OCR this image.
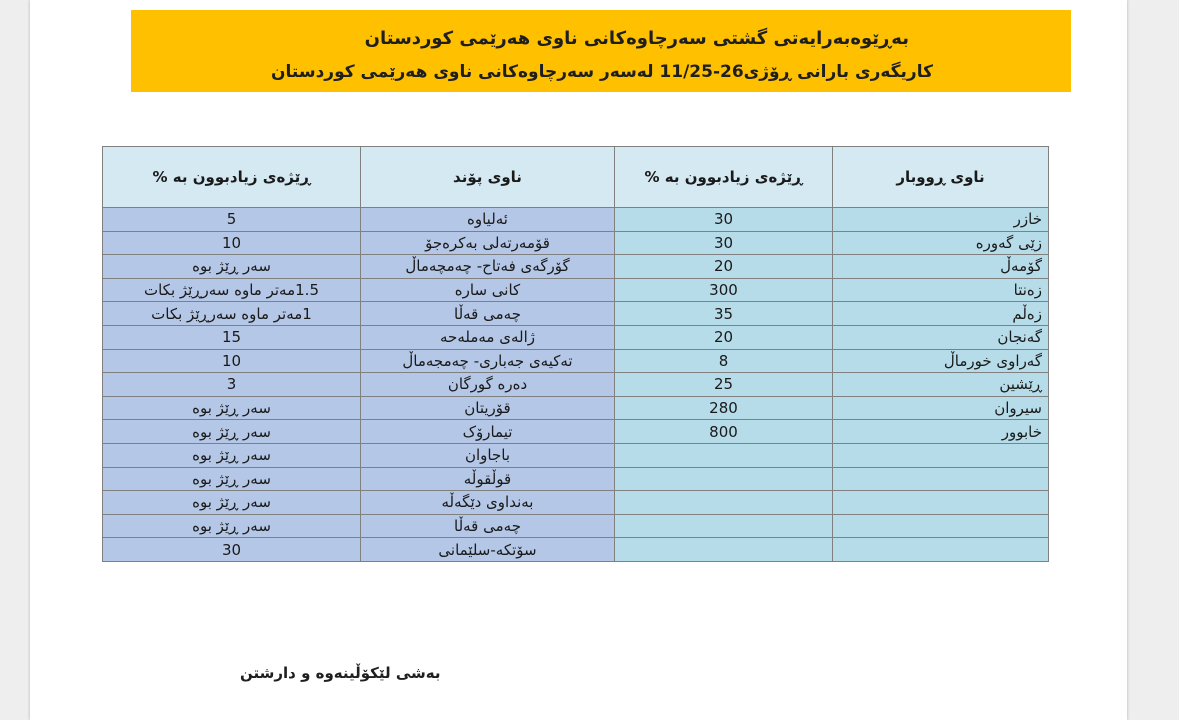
بەڕێوەبەرایەتی گشتی سەرچاوەکانی ناوی هەرێمی کوردستان
کاریگەری بارانی ڕۆژی26-11/25 لەسەر سەرچاوەکانی ناوی هەرێمی کوردستان
ناوی ڕووبار	ڕێژەی زیادبوون بە %	ناوی پۆند	ڕێژەی زیادبوون بە %
خازر	30	ئەلیاوە	5
زێی گەورە	30	قۆمەرتەلی بەکرەجۆ	10
گۆمەڵ	20	گۆرگەی فەتاح- چەمچەماڵ	سەر ڕێژ بوە
زەنتا	300	کانی سارە	1.5مەتر ماوە سەرڕێژ بکات
زەڵم	35	چەمی قەڵا	1مەتر ماوە سەرڕێژ بکات
گەنجان	20	ژالەی مەملەحە	15
گەراوی خورماڵ	8	تەکیەی جەباری- چەمجەماڵ	10
ڕێشین	25	دەرە گورگان	3
سیروان	280	قۆریتان	سەر ڕێژ بوە
خابوور	800	تیمارۆک	سەر ڕێژ بوە
		باجاوان	سەر ڕێژ بوە
		قوڵقوڵە	سەر ڕێژ بوە
		بەنداوی دێگەڵە	سەر ڕێژ بوە
		چەمی قەڵا	سەر ڕێژ بوە
		سۆتکە-سلێمانی	30
بەشی لێکۆڵینەوە و دارشتن
